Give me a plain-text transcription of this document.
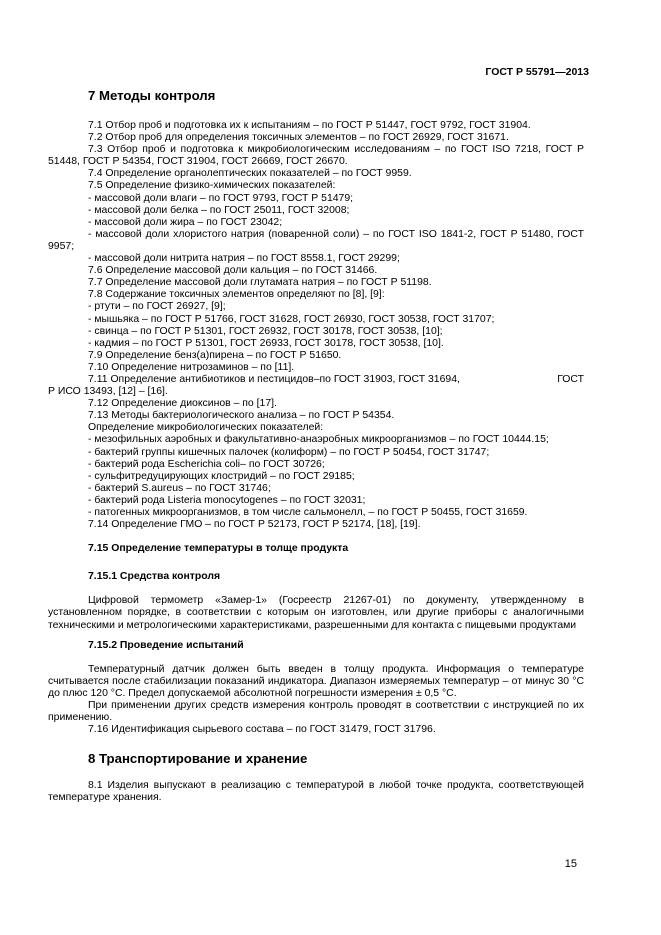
ГОСТ Р 55791—2013
7 Методы контроля

7.1 Отбор проб и подготовка их к испытаниям – по ГОСТ Р 51447, ГОСТ 9792, ГОСТ 31904.

7.2 Отбор проб для определения токсичных элементов – по ГОСТ 26929, ГОСТ 31671.

7.3 Отбор проб и подготовка к микробиологическим исследованиям – по ГОСТ ISO 7218, ГОСТ Р 51448, ГОСТ Р 54354, ГОСТ 31904, ГОСТ 26669, ГОСТ 26670.

7.4 Определение органолептических показателей – по ГОСТ 9959.

7.5 Определение физико-химических показателей:

- массовой доли влаги – по ГОСТ 9793, ГОСТ Р 51479;

- массовой доли белка – по ГОСТ 25011, ГОСТ 32008;

- массовой доли жира – по ГОСТ 23042;

- массовой доли хлористого натрия (поваренной соли) – по ГОСТ ISO 1841-2, ГОСТ Р 51480, ГОСТ 9957;

- массовой доли нитрита натрия – по ГОСТ 8558.1, ГОСТ 29299;

7.6 Определение массовой доли кальция – по ГОСТ 31466.

7.7 Определение массовой доли глутамата натрия – по ГОСТ Р 51198.

7.8 Содержание токсичных элементов определяют по [8], [9]:

- ртути – по ГОСТ 26927, [9];

- мышьяка – по ГОСТ Р 51766, ГОСТ 31628, ГОСТ 26930, ГОСТ 30538, ГОСТ 31707;

- свинца – по ГОСТ Р 51301, ГОСТ 26932, ГОСТ 30178, ГОСТ 30538, [10];

- кадмия – по ГОСТ Р 51301, ГОСТ 26933, ГОСТ 30178, ГОСТ 30538, [10].

7.9 Определение бенз(а)пирена – по ГОСТ Р 51650.

7.10 Определение нитрозаминов – по [11].

7.11 Определение антибиотиков и пестицидов–по ГОСТ 31903, ГОСТ 31694,	ГОСТ

Р ИСО 13493, [12] – [16].

7.12 Определение диоксинов – по [17].

7.13 Методы бактериологического анализа – по ГОСТ Р 54354.

Определение микробиологических показателей:

- мезофильных аэробных и факультативно-анаэробных микроорганизмов – по ГОСТ 10444.15;

- бактерий группы кишечных палочек (колиформ) – по ГОСТ Р 50454, ГОСТ 31747;

- бактерий рода Escherichia coli– по ГОСТ 30726;

- сульфитредуцирующих клостридий – по ГОСТ 29185;

- бактерий S.aureus – по ГОСТ 31746;

- бактерий рода Listeria monocytogenes – по ГОСТ 32031;

- патогенных микроорганизмов, в том числе сальмонелл, – по ГОСТ Р 50455, ГОСТ 31659.

7.14 Определение ГМО – по ГОСТ Р 52173, ГОСТ Р 52174, [18], [19].

7.15 Определение температуры в толще продукта

7.15.1 Средства контроля

Цифровой термометр «Замер-1» (Госреестр 21267-01) по документу, утвержденному в установленном порядке, в соответствии с которым он изготовлен, или другие приборы с аналогичными техническими и метрологическими характеристиками, разрешенными для контакта с пищевыми продуктами

7.15.2 Проведение испытаний

Температурный датчик должен быть введен в толщу продукта. Информация о температуре считывается после стабилизации показаний индикатора. Диапазон измеряемых температур – от минус 30 °С до плюс 120 °С. Предел допускаемой абсолютной погрешности измерения ± 0,5 °С.

При применении других средств измерения контроль проводят в соответствии с инструкцией по их применению.

7.16 Идентификация сырьевого состава – по ГОСТ 31479, ГОСТ 31796.

8 Транспортирование и хранение

8.1 Изделия выпускают в реализацию с температурой в любой точке продукта, соответствующей температуре хранения.

15
